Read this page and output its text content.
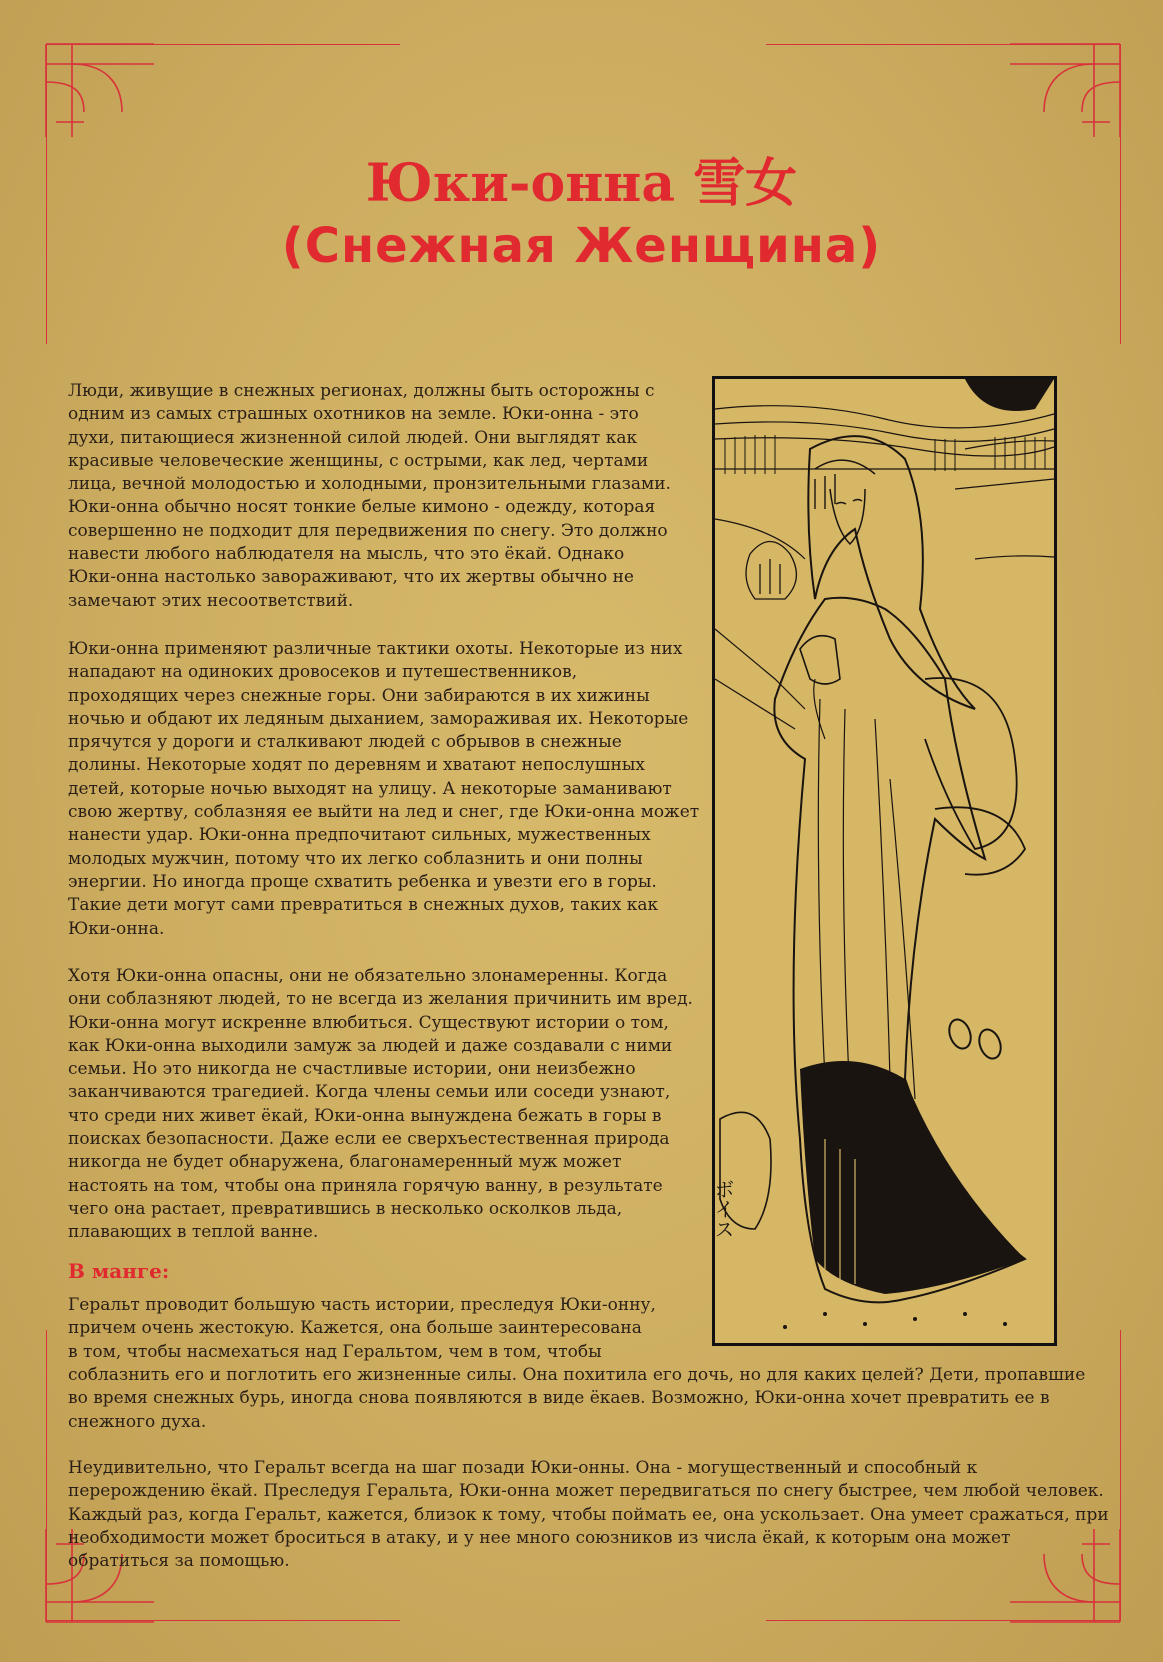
Юки-онна 雪女
(Снежная Женщина)

Люди, живущие в снежных регионах, должны быть осторожны с
одним из самых страшных охотников на земле. Юки-онна - это
духи, питающиеся жизненной силой людей. Они выглядят как
красивые человеческие женщины, с острыми, как лед, чертами
лица, вечной молодостью и холодными, пронзительными глазами.
Юки-онна обычно носят тонкие белые кимоно - одежду, которая
совершенно не подходит для передвижения по снегу. Это должно
навести любого наблюдателя на мысль, что это ёкай. Однако
Юки-онна настолько завораживают, что их жертвы обычно не
замечают этих несоответствий.

Юки-онна применяют различные тактики охоты. Некоторые из них
нападают на одиноких дровосеков и путешественников,
проходящих через снежные горы. Они забираются в их хижины
ночью и обдают их ледяным дыханием, замораживая их. Некоторые
прячутся у дороги и сталкивают людей с обрывов в снежные
долины. Некоторые ходят по деревням и хватают непослушных
детей, которые ночью выходят на улицу. А некоторые заманивают
свою жертву, соблазняя ее выйти на лед и снег, где Юки-онна может
нанести удар. Юки-онна предпочитают сильных, мужественных
молодых мужчин, потому что их легко соблазнить и они полны
энергии. Но иногда проще схватить ребенка и увезти его в горы.
Такие дети могут сами превратиться в снежных духов, таких как
Юки-онна.

Хотя Юки-онна опасны, они не обязательно злонамеренны. Когда
они соблазняют людей, то не всегда из желания причинить им вред.
Юки-онна могут искренне влюбиться. Существуют истории о том,
как Юки-онна выходили замуж за людей и даже создавали с ними
семьи. Но это никогда не счастливые истории, они неизбежно
заканчиваются трагедией. Когда члены семьи или соседи узнают,
что среди них живет ёкай, Юки-онна вынуждена бежать в горы в
поисках безопасности. Даже если ее сверхъестественная природа
никогда не будет обнаружена, благонамеренный муж может
настоять на том, чтобы она приняла горячую ванну, в результате
чего она растает, превратившись в несколько осколков льда,
плавающих в теплой ванне.

В манге:

Геральт проводит большую часть истории, преследуя Юки-онну,
причем очень жестокую. Кажется, она больше заинтересована
в том, чтобы насмехаться над Геральтом, чем в том, чтобы

соблазнить его и поглотить его жизненные силы. Она похитила его дочь, но для каких целей? Дети, пропавшие
во время снежных бурь, иногда снова появляются в виде ёкаев. Возможно, Юки-онна хочет превратить ее в
снежного духа.

Неудивительно, что Геральт всегда на шаг позади Юки-онны. Она - могущественный и способный к
перерождению ёкай. Преследуя Геральта, Юки-онна может передвигаться по снегу быстрее, чем любой человек.
Каждый раз, когда Геральт, кажется, близок к тому, чтобы поймать ее, она ускользает. Она умеет сражаться, при
необходимости может броситься в атаку, и у нее много союзников из числа ёкай, к которым она может
обратиться за помощью.

ボイス
